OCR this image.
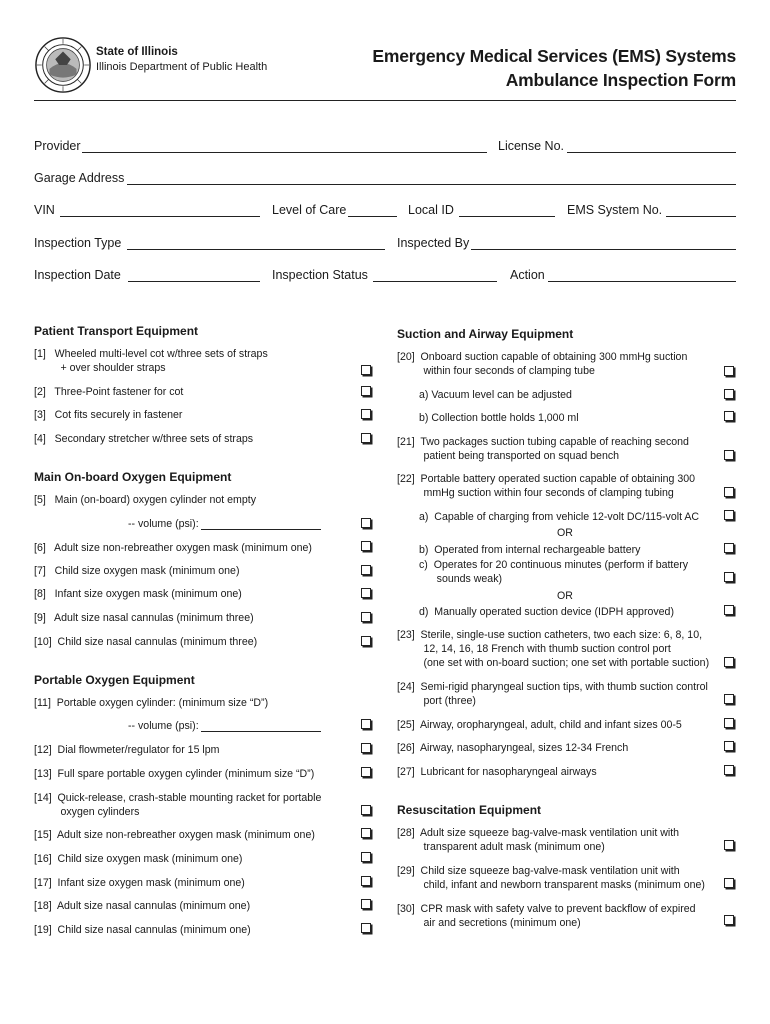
State of Illinois
Illinois Department of Public Health
Emergency Medical Services (EMS) Systems
Ambulance Inspection Form
Provider	License No.
Garage Address
VIN	Level of Care	Local ID	EMS System No.
Inspection Type	Inspected By
Inspection Date	Inspection Status	Action
Patient Transport Equipment
[1]   Wheeled multi-level cot w/three sets of straps
+ over shoulder straps
[2]   Three-Point fastener for cot
[3]   Cot fits securely in fastener
[4]   Secondary stretcher w/three sets of straps
Main On-board Oxygen Equipment
[5]   Main (on-board) oxygen cylinder not empty
-- volume (psi):
[6]   Adult size non-rebreather oxygen mask (minimum one)
[7]   Child size oxygen mask (minimum one)
[8]   Infant size oxygen mask (minimum one)
[9]   Adult size nasal cannulas (minimum three)
[10]  Child size nasal cannulas (minimum three)
Portable Oxygen Equipment
[11]  Portable oxygen cylinder: (minimum size “D”)
-- volume (psi):
[12]  Dial flowmeter/regulator for 15 lpm
[13]  Full spare portable oxygen cylinder (minimum size “D”)
[14]  Quick-release, crash-stable mounting racket for portable
oxygen cylinders
[15]  Adult size non-rebreather oxygen mask (minimum one)
[16]  Child size oxygen mask (minimum one)
[17]  Infant size oxygen mask (minimum one)
[18]  Adult size nasal cannulas (minimum one)
[19]  Child size nasal cannulas (minimum one)
Suction and Airway Equipment
[20]  Onboard suction capable of obtaining 300 mmHg suction
within four seconds of clamping tube
a) Vacuum level can be adjusted
b) Collection bottle holds 1,000 ml
[21]  Two packages suction tubing capable of reaching second
patient being transported on squad bench
[22]  Portable battery operated suction capable of obtaining 300
mmHg suction within four seconds of clamping tubing
a)  Capable of charging from vehicle 12-volt DC/115-volt AC
OR
b)  Operated from internal rechargeable battery
c)  Operates for 20 continuous minutes (perform if battery
sounds weak)
OR
d)  Manually operated suction device (IDPH approved)
[23]  Sterile, single-use suction catheters, two each size: 6, 8, 10,
12, 14, 16, 18 French with thumb suction control port
(one set with on-board suction; one set with portable suction)
[24]  Semi-rigid pharyngeal suction tips, with thumb suction control
port (three)
[25]  Airway, oropharyngeal, adult, child and infant sizes 00-5
[26]  Airway, nasopharyngeal, sizes 12-34 French
[27]  Lubricant for nasopharyngeal airways
Resuscitation Equipment
[28]  Adult size squeeze bag-valve-mask ventilation unit with
transparent adult mask (minimum one)
[29]  Child size squeeze bag-valve-mask ventilation unit with
child, infant and newborn transparent masks (minimum one)
[30]  CPR mask with safety valve to prevent backflow of expired
air and secretions (minimum one)
